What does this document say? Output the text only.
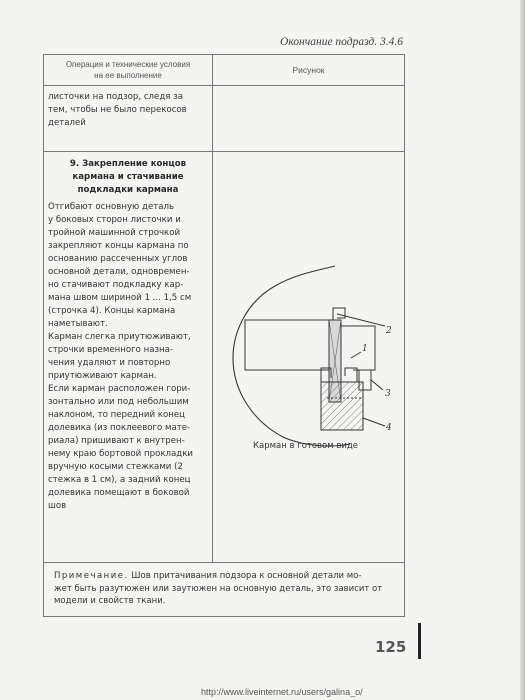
Окончание подразд. 3.4.6
Операция и технические условия
на ее выполнение
Рисунок
листочки на подзор, следя за
тем, чтобы не было перекосов
деталей
9. Закрепление концов
кармана и стачивание
подкладки кармана
Отгибают основную деталь
у боковых сторон листочки и
тройной машинной строчкой
закрепляют концы кармана по
основанию рассеченных углов
основной детали, одновремен-
но стачивают подкладку кар-
мана швом шириной 1 ... 1,5 см
(строчка 4). Концы кармана
наметывают.
Карман слегка приутюживают,
строчки временного назна-
чения удаляют и повторно
приутюживают карман.
Если карман расположен гори-
зонтально или под небольшим
наклоном, то передний конец
долевика (из поклеевого мате-
риала) пришивают к внутрен-
нему краю бортовой прокладки
вручную косыми стежками (2
стежка в 1 см), а задний конец
долевика помещают в боковой
шов
1
2
3
4
Карман в готовом виде
Примечание. Шов притачивания подзора к основной детали мо-
жет быть разутюжен или заутюжен на основную деталь, это зависит от
модели и свойств ткани.
125
http://www.liveinternet.ru/users/galina_o/
